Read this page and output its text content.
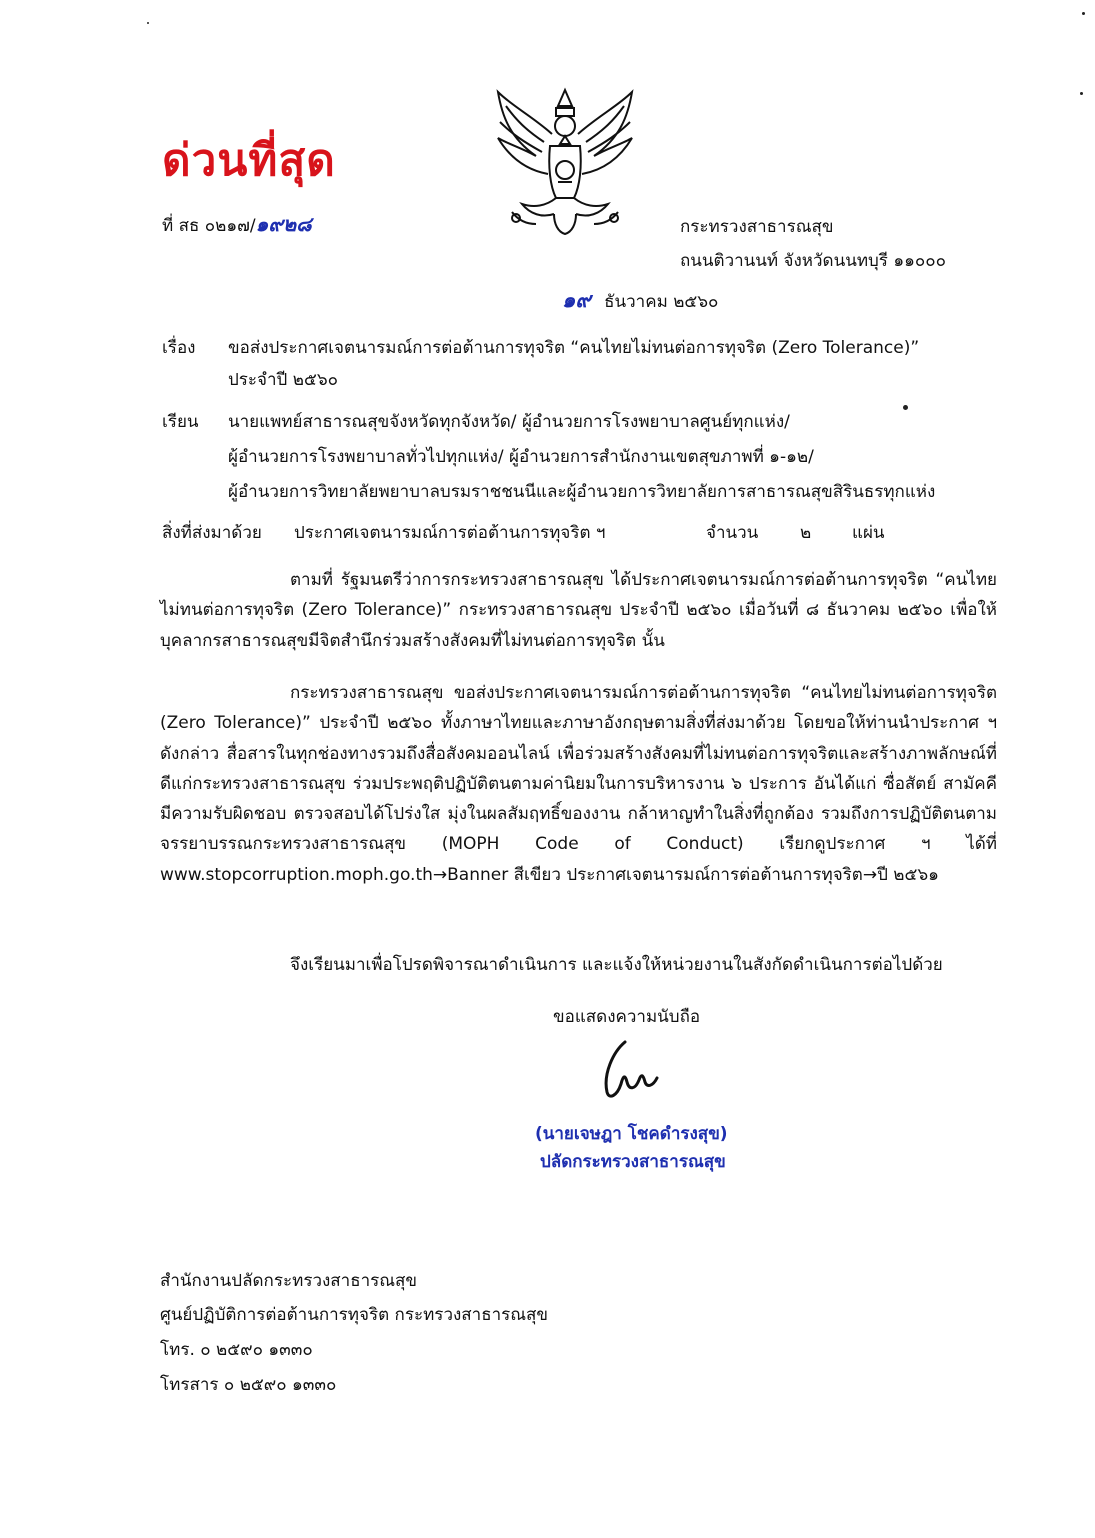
ด่วนที่สุด
ที่ สธ ๐๒๑๗/๑๙๒๘	กระทรวงสาธารณสุข
ถนนติวานนท์ จังหวัดนนทบุรี ๑๑๐๐๐
๑๙ ธันวาคม ๒๕๖๐
เรื่อง ขอส่งประกาศเจตนารมณ์การต่อต้านการทุจริต “คนไทยไม่ทนต่อการทุจริต (Zero Tolerance)”
ประจำปี ๒๕๖๐
เรียน นายแพทย์สาธารณสุขจังหวัดทุกจังหวัด/ ผู้อำนวยการโรงพยาบาลศูนย์ทุกแห่ง/
ผู้อำนวยการโรงพยาบาลทั่วไปทุกแห่ง/ ผู้อำนวยการสำนักงานเขตสุขภาพที่ ๑-๑๒/
ผู้อำนวยการวิทยาลัยพยาบาลบรมราชชนนีและผู้อำนวยการวิทยาลัยการสาธารณสุขสิรินธรทุกแห่ง
สิ่งที่ส่งมาด้วย ประกาศเจตนารมณ์การต่อต้านการทุจริต ฯ	จำนวน ๒ แผ่น
ตามที่ รัฐมนตรีว่าการกระทรวงสาธารณสุข ได้ประกาศเจตนารมณ์การต่อต้านการทุจริต “คนไทยไม่ทนต่อการทุจริต (Zero Tolerance)” กระทรวงสาธารณสุข ประจำปี ๒๕๖๐ เมื่อวันที่ ๘ ธันวาคม ๒๕๖๐ เพื่อให้บุคลากรสาธารณสุขมีจิตสำนึกร่วมสร้างสังคมที่ไม่ทนต่อการทุจริต นั้น
กระทรวงสาธารณสุข ขอส่งประกาศเจตนารมณ์การต่อต้านการทุจริต “คนไทยไม่ทนต่อการทุจริต (Zero Tolerance)” ประจำปี ๒๕๖๐ ทั้งภาษาไทยและภาษาอังกฤษตามสิ่งที่ส่งมาด้วย โดยขอให้ท่านนำประกาศ ฯ ดังกล่าว สื่อสารในทุกช่องทางรวมถึงสื่อสังคมออนไลน์ เพื่อร่วมสร้างสังคมที่ไม่ทนต่อการทุจริตและสร้างภาพลักษณ์ที่ดีแก่กระทรวงสาธารณสุข ร่วมประพฤติปฏิบัติตนตามค่านิยมในการบริหารงาน ๖ ประการ อันได้แก่ ซื่อสัตย์ สามัคคี มีความรับผิดชอบ ตรวจสอบได้โปร่งใส มุ่งในผลสัมฤทธิ์ของงาน กล้าหาญทำในสิ่งที่ถูกต้อง รวมถึงการปฏิบัติตนตามจรรยาบรรณกระทรวงสาธารณสุข (MOPH Code of Conduct) เรียกดูประกาศ ฯ ได้ที่ www.stopcorruption.moph.go.th→Banner สีเขียว ประกาศเจตนารมณ์การต่อต้านการทุจริต→ปี ๒๕๖๑
จึงเรียนมาเพื่อโปรดพิจารณาดำเนินการ และแจ้งให้หน่วยงานในสังกัดดำเนินการต่อไปด้วย
ขอแสดงความนับถือ
(นายเจษฎา โชคดำรงสุข)
ปลัดกระทรวงสาธารณสุข
สำนักงานปลัดกระทรวงสาธารณสุข
ศูนย์ปฏิบัติการต่อต้านการทุจริต กระทรวงสาธารณสุข
โทร. ๐ ๒๕๙๐ ๑๓๓๐
โทรสาร ๐ ๒๕๙๐ ๑๓๓๐
